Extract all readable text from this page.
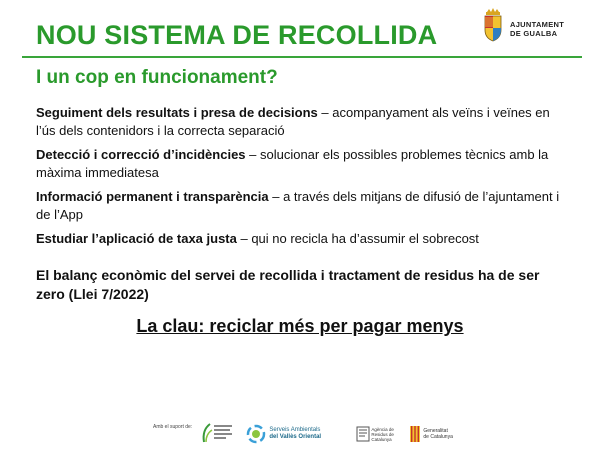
NOU SISTEMA DE RECOLLIDA	AJUNTAMENT
DE GUALBA
I un cop en funcionament?

Seguiment dels resultats i presa de decisions – acompanyament als veïns i veïnes en l’ús dels contenidors i la correcta separació

Detecció i correcció d’incidències – solucionar els possibles problemes tècnics amb la màxima immediatesa

Informació permanent i transparència – a través dels mitjans de difusió de l’ajuntament i de l’App

Estudiar l’aplicació de taxa justa – qui no recicla ha d’assumir el sobrecost

El balanç econòmic del servei de recollida i tractament de residus ha de ser zero (Llei 7/2022)
La clau: reciclar més per pagar menys
Amb el suport de:
	Serveis Ambientals
del Vallès Oriental

Agència de
Residus de
Catalunya

Generalitat
de Catalunya
